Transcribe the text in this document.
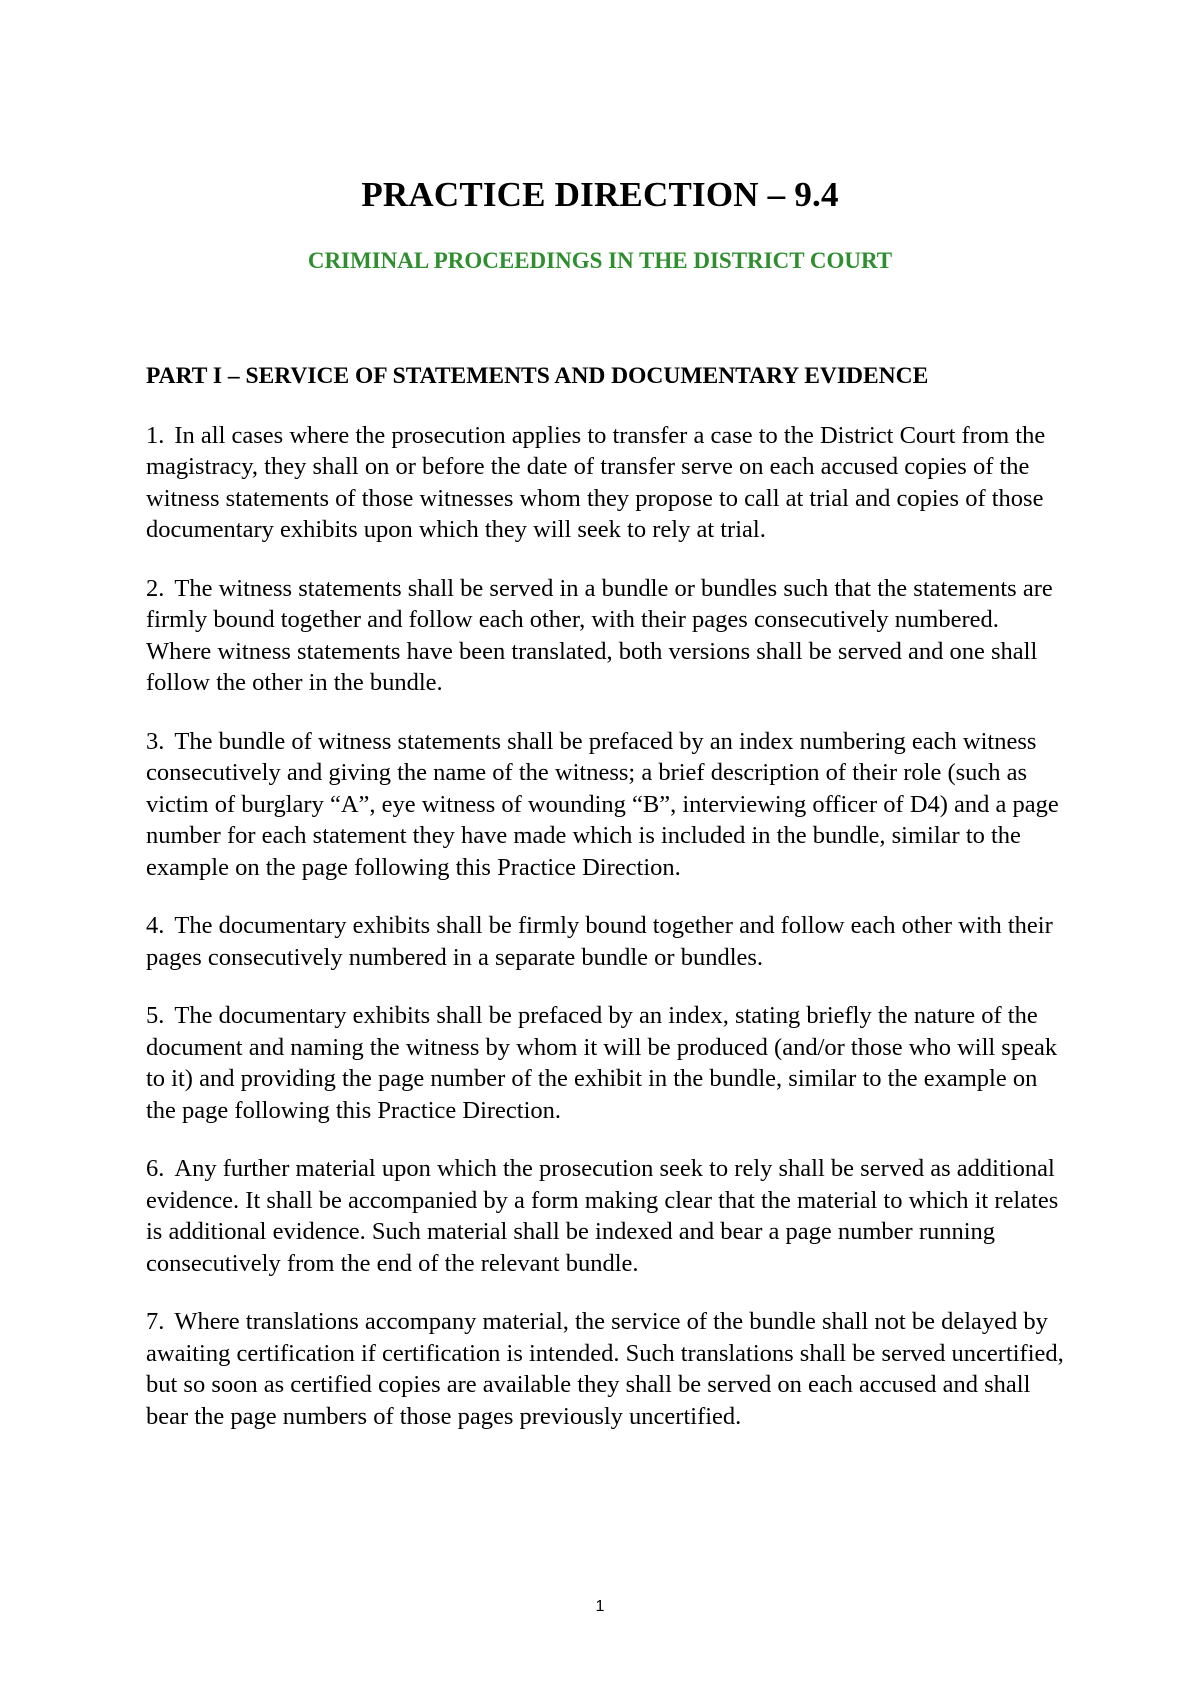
PRACTICE DIRECTION – 9.4
CRIMINAL PROCEEDINGS IN THE DISTRICT COURT

PART I – SERVICE OF STATEMENTS AND DOCUMENTARY EVIDENCE

1. In all cases where the prosecution applies to transfer a case to the District Court from the magistracy, they shall on or before the date of transfer serve on each accused copies of the witness statements of those witnesses whom they propose to call at trial and copies of those documentary exhibits upon which they will seek to rely at trial.

2. The witness statements shall be served in a bundle or bundles such that the statements are firmly bound together and follow each other, with their pages consecutively numbered. Where witness statements have been translated, both versions shall be served and one shall follow the other in the bundle.

3. The bundle of witness statements shall be prefaced by an index numbering each witness consecutively and giving the name of the witness; a brief description of their role (such as victim of burglary “A”, eye witness of wounding “B”, interviewing officer of D4) and a page number for each statement they have made which is included in the bundle, similar to the example on the page following this Practice Direction.

4. The documentary exhibits shall be firmly bound together and follow each other with their pages consecutively numbered in a separate bundle or bundles.

5. The documentary exhibits shall be prefaced by an index, stating briefly the nature of the document and naming the witness by whom it will be produced (and/or those who will speak to it) and providing the page number of the exhibit in the bundle, similar to the example on the page following this Practice Direction.

6. Any further material upon which the prosecution seek to rely shall be served as additional evidence. It shall be accompanied by a form making clear that the material to which it relates is additional evidence. Such material shall be indexed and bear a page number running consecutively from the end of the relevant bundle.

7. Where translations accompany material, the service of the bundle shall not be delayed by awaiting certification if certification is intended. Such translations shall be served uncertified, but so soon as certified copies are available they shall be served on each accused and shall bear the page numbers of those pages previously uncertified.

1
